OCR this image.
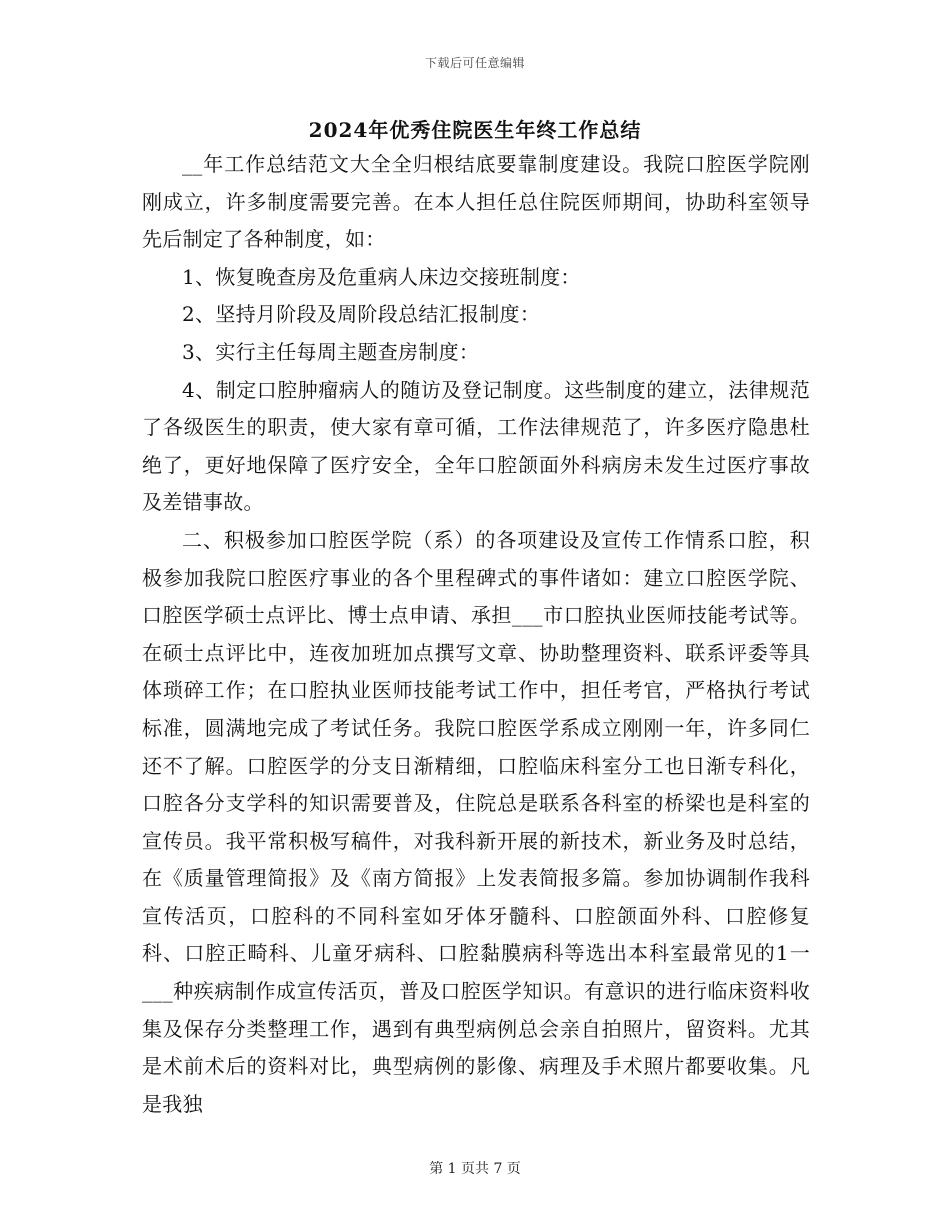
下载后可任意编辑
2024年优秀住院医生年终工作总结

__年工作总结范文大全全归根结底要靠制度建设。我院口腔医学院刚刚成立，许多制度需要完善。在本人担任总住院医师期间，协助科室领导先后制定了各种制度，如：

1、恢复晚查房及危重病人床边交接班制度：

2、坚持月阶段及周阶段总结汇报制度：

3、实行主任每周主题查房制度：

4、制定口腔肿瘤病人的随访及登记制度。这些制度的建立，法律规范了各级医生的职责，使大家有章可循，工作法律规范了，许多医疗隐患杜绝了，更好地保障了医疗安全，全年口腔颌面外科病房未发生过医疗事故及差错事故。

二、积极参加口腔医学院（系）的各项建设及宣传工作情系口腔，积极参加我院口腔医疗事业的各个里程碑式的事件诸如：建立口腔医学院、口腔医学硕士点评比、博士点申请、承担___市口腔执业医师技能考试等。在硕士点评比中，连夜加班加点撰写文章、协助整理资料、联系评委等具体琐碎工作；在口腔执业医师技能考试工作中，担任考官，严格执行考试标准，圆满地完成了考试任务。我院口腔医学系成立刚刚一年，许多同仁还不了解。口腔医学的分支日渐精细，口腔临床科室分工也日渐专科化，口腔各分支学科的知识需要普及，住院总是联系各科室的桥梁也是科室的宣传员。我平常积极写稿件，对我科新开展的新技术，新业务及时总结，在《质量管理简报》及《南方简报》上发表简报多篇。参加协调制作我科宣传活页，口腔科的不同科室如牙体牙髓科、口腔颌面外科、口腔修复科、口腔正畸科、儿童牙病科、口腔黏膜病科等选出本科室最常见的1一___种疾病制作成宣传活页，普及口腔医学知识。有意识的进行临床资料收集及保存分类整理工作，遇到有典型病例总会亲自拍照片，留资料。尤其是术前术后的资料对比，典型病例的影像、病理及手术照片都要收集。凡是我独

第 1 页共 7 页
